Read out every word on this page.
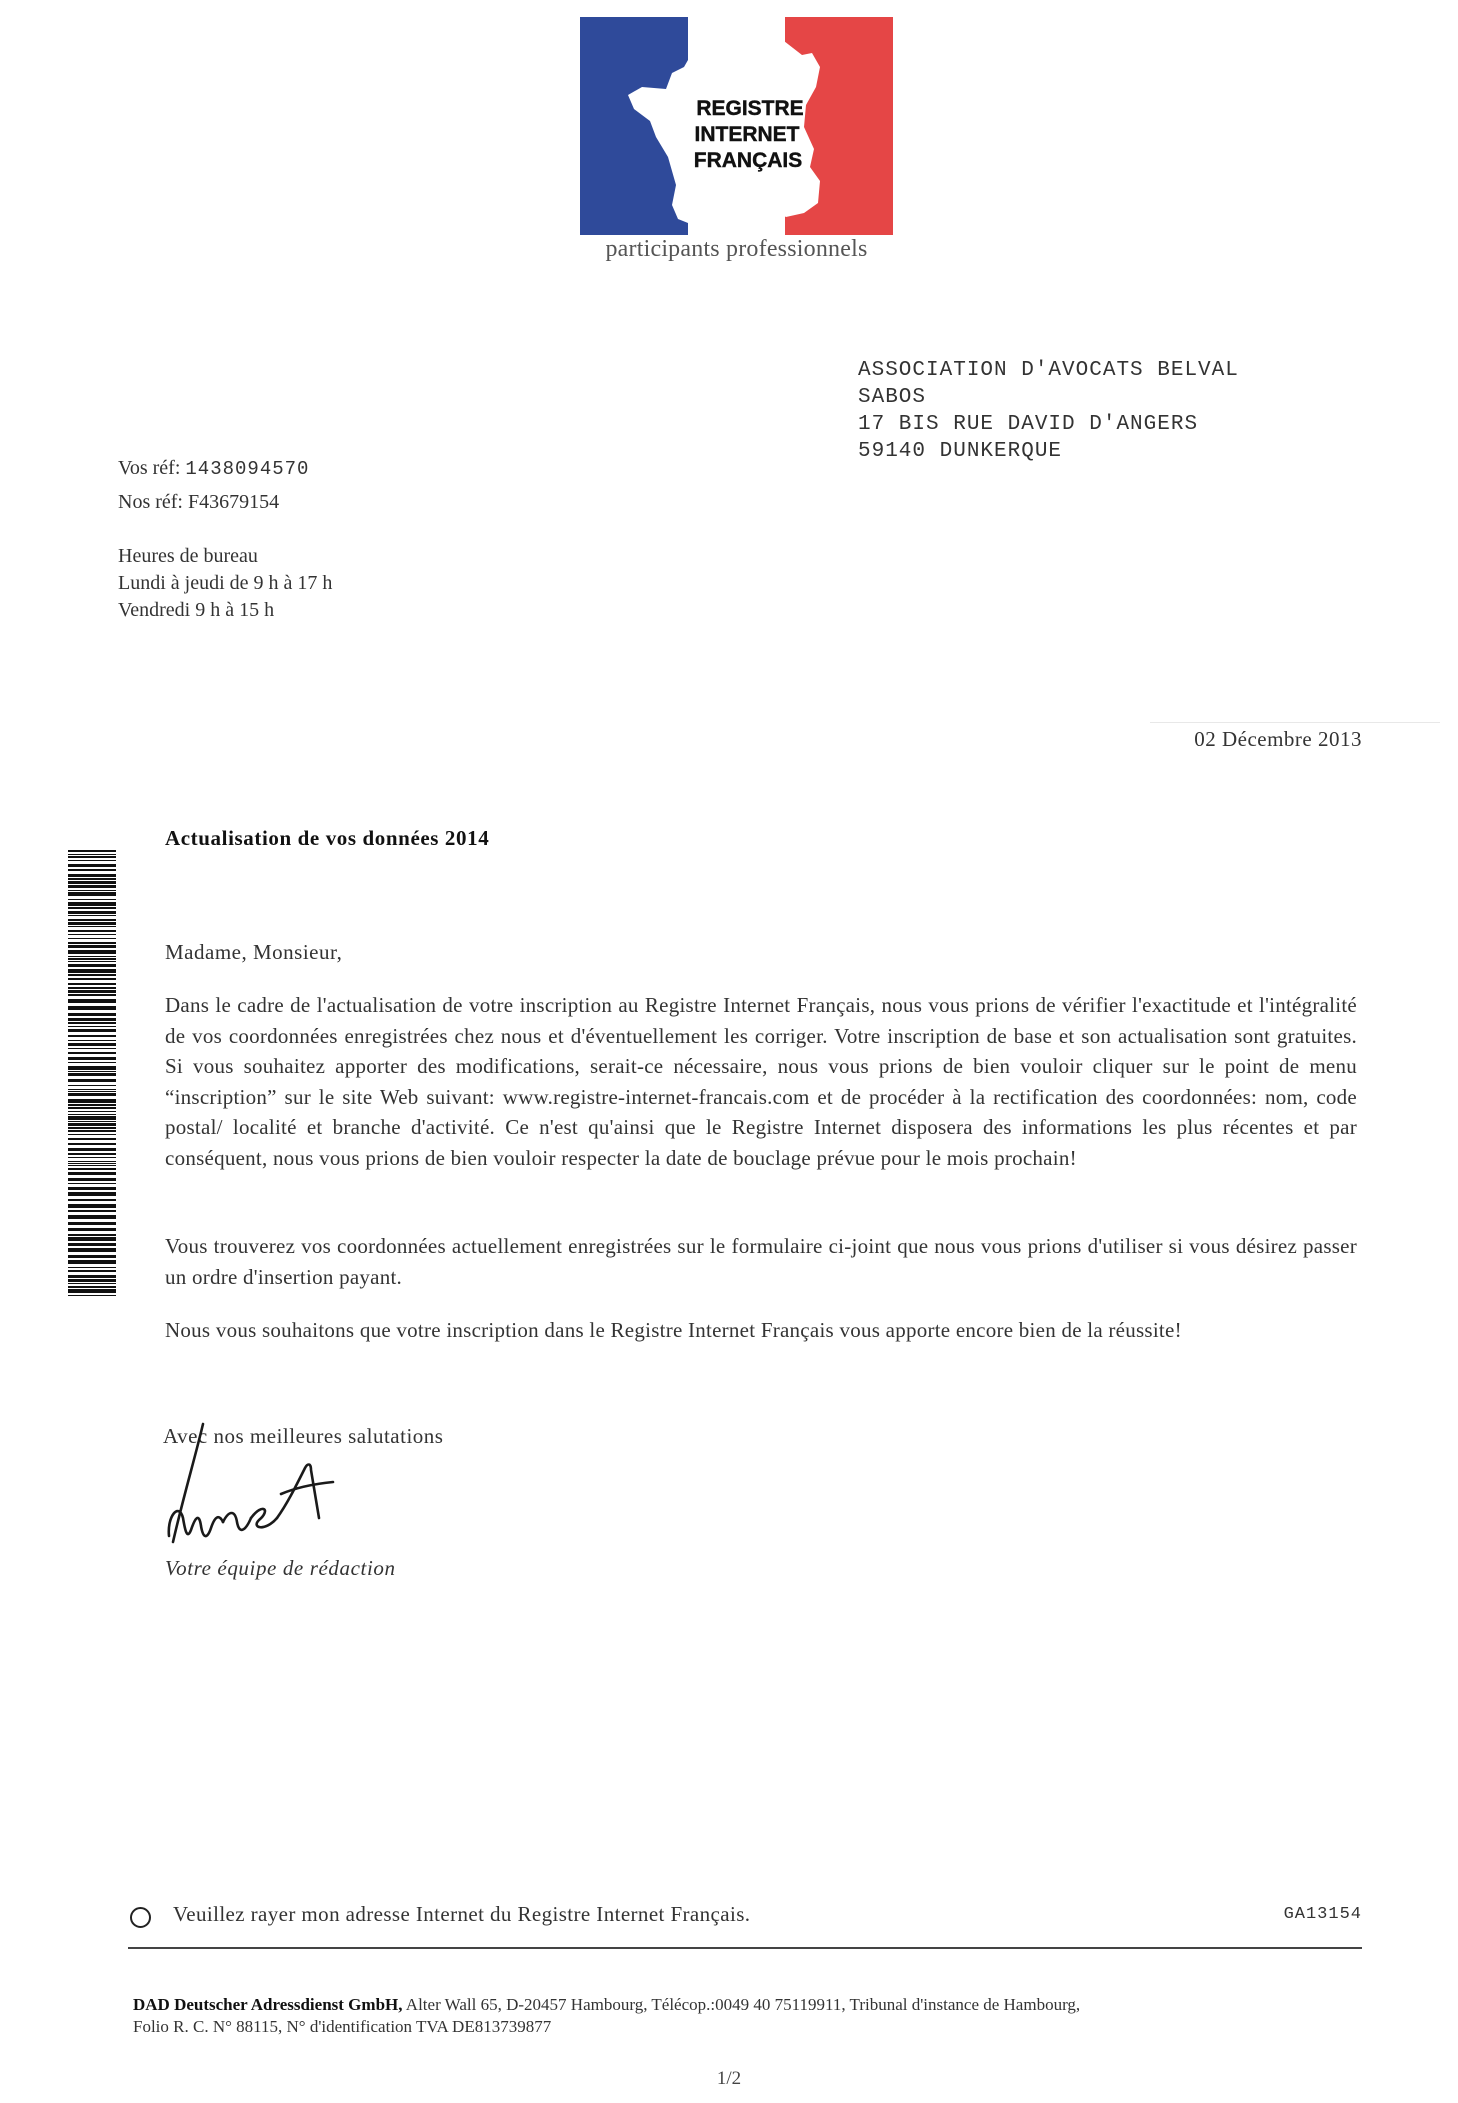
REGISTRE
INTERNET
FRANÇAIS
participants professionnels
ASSOCIATION D'AVOCATS BELVAL
SABOS
17 BIS RUE DAVID D'ANGERS
59140 DUNKERQUE
Vos réf: 1438094570
Nos réf: F43679154
Heures de bureau
Lundi à jeudi de 9 h à 17 h
Vendredi 9 h à 15 h
02 Décembre 2013
Actualisation de vos données 2014
Madame, Monsieur,
Dans le cadre de l'actualisation de votre inscription au Registre Internet Français, nous vous prions de vérifier l'exactitude et l'intégralité de vos coordonnées enregistrées chez nous et d'éventuellement les corriger. Votre inscription de base et son actualisation sont gratuites. Si vous souhaitez apporter des modifications, serait-ce nécessaire, nous vous prions de bien vouloir cliquer sur le point de menu “inscription” sur le site Web suivant: www.registre-internet-francais.com et de procéder à la rectification des coordonnées: nom, code postal/ localité et branche d'activité. Ce n'est qu'ainsi que le Registre Internet disposera des informations les plus récentes et par conséquent, nous vous prions de bien vouloir respecter la date de bouclage prévue pour le mois prochain!
Vous trouverez vos coordonnées actuellement enregistrées sur le formulaire ci-joint que nous vous prions d'utiliser si vous désirez passer un ordre d'insertion payant.
Nous vous souhaitons que votre inscription dans le Registre Internet Français vous apporte encore bien de la réussite!
Avec nos meilleures salutations
Votre équipe de rédaction
Veuillez rayer mon adresse Internet du Registre Internet Français.	GA13154
DAD Deutscher Adressdienst GmbH, Alter Wall 65, D-20457 Hambourg, Télécop.:0049 40 75119911, Tribunal d'instance de Hambourg,
Folio R. C. N° 88115, N° d'identification TVA DE813739877
1/2
